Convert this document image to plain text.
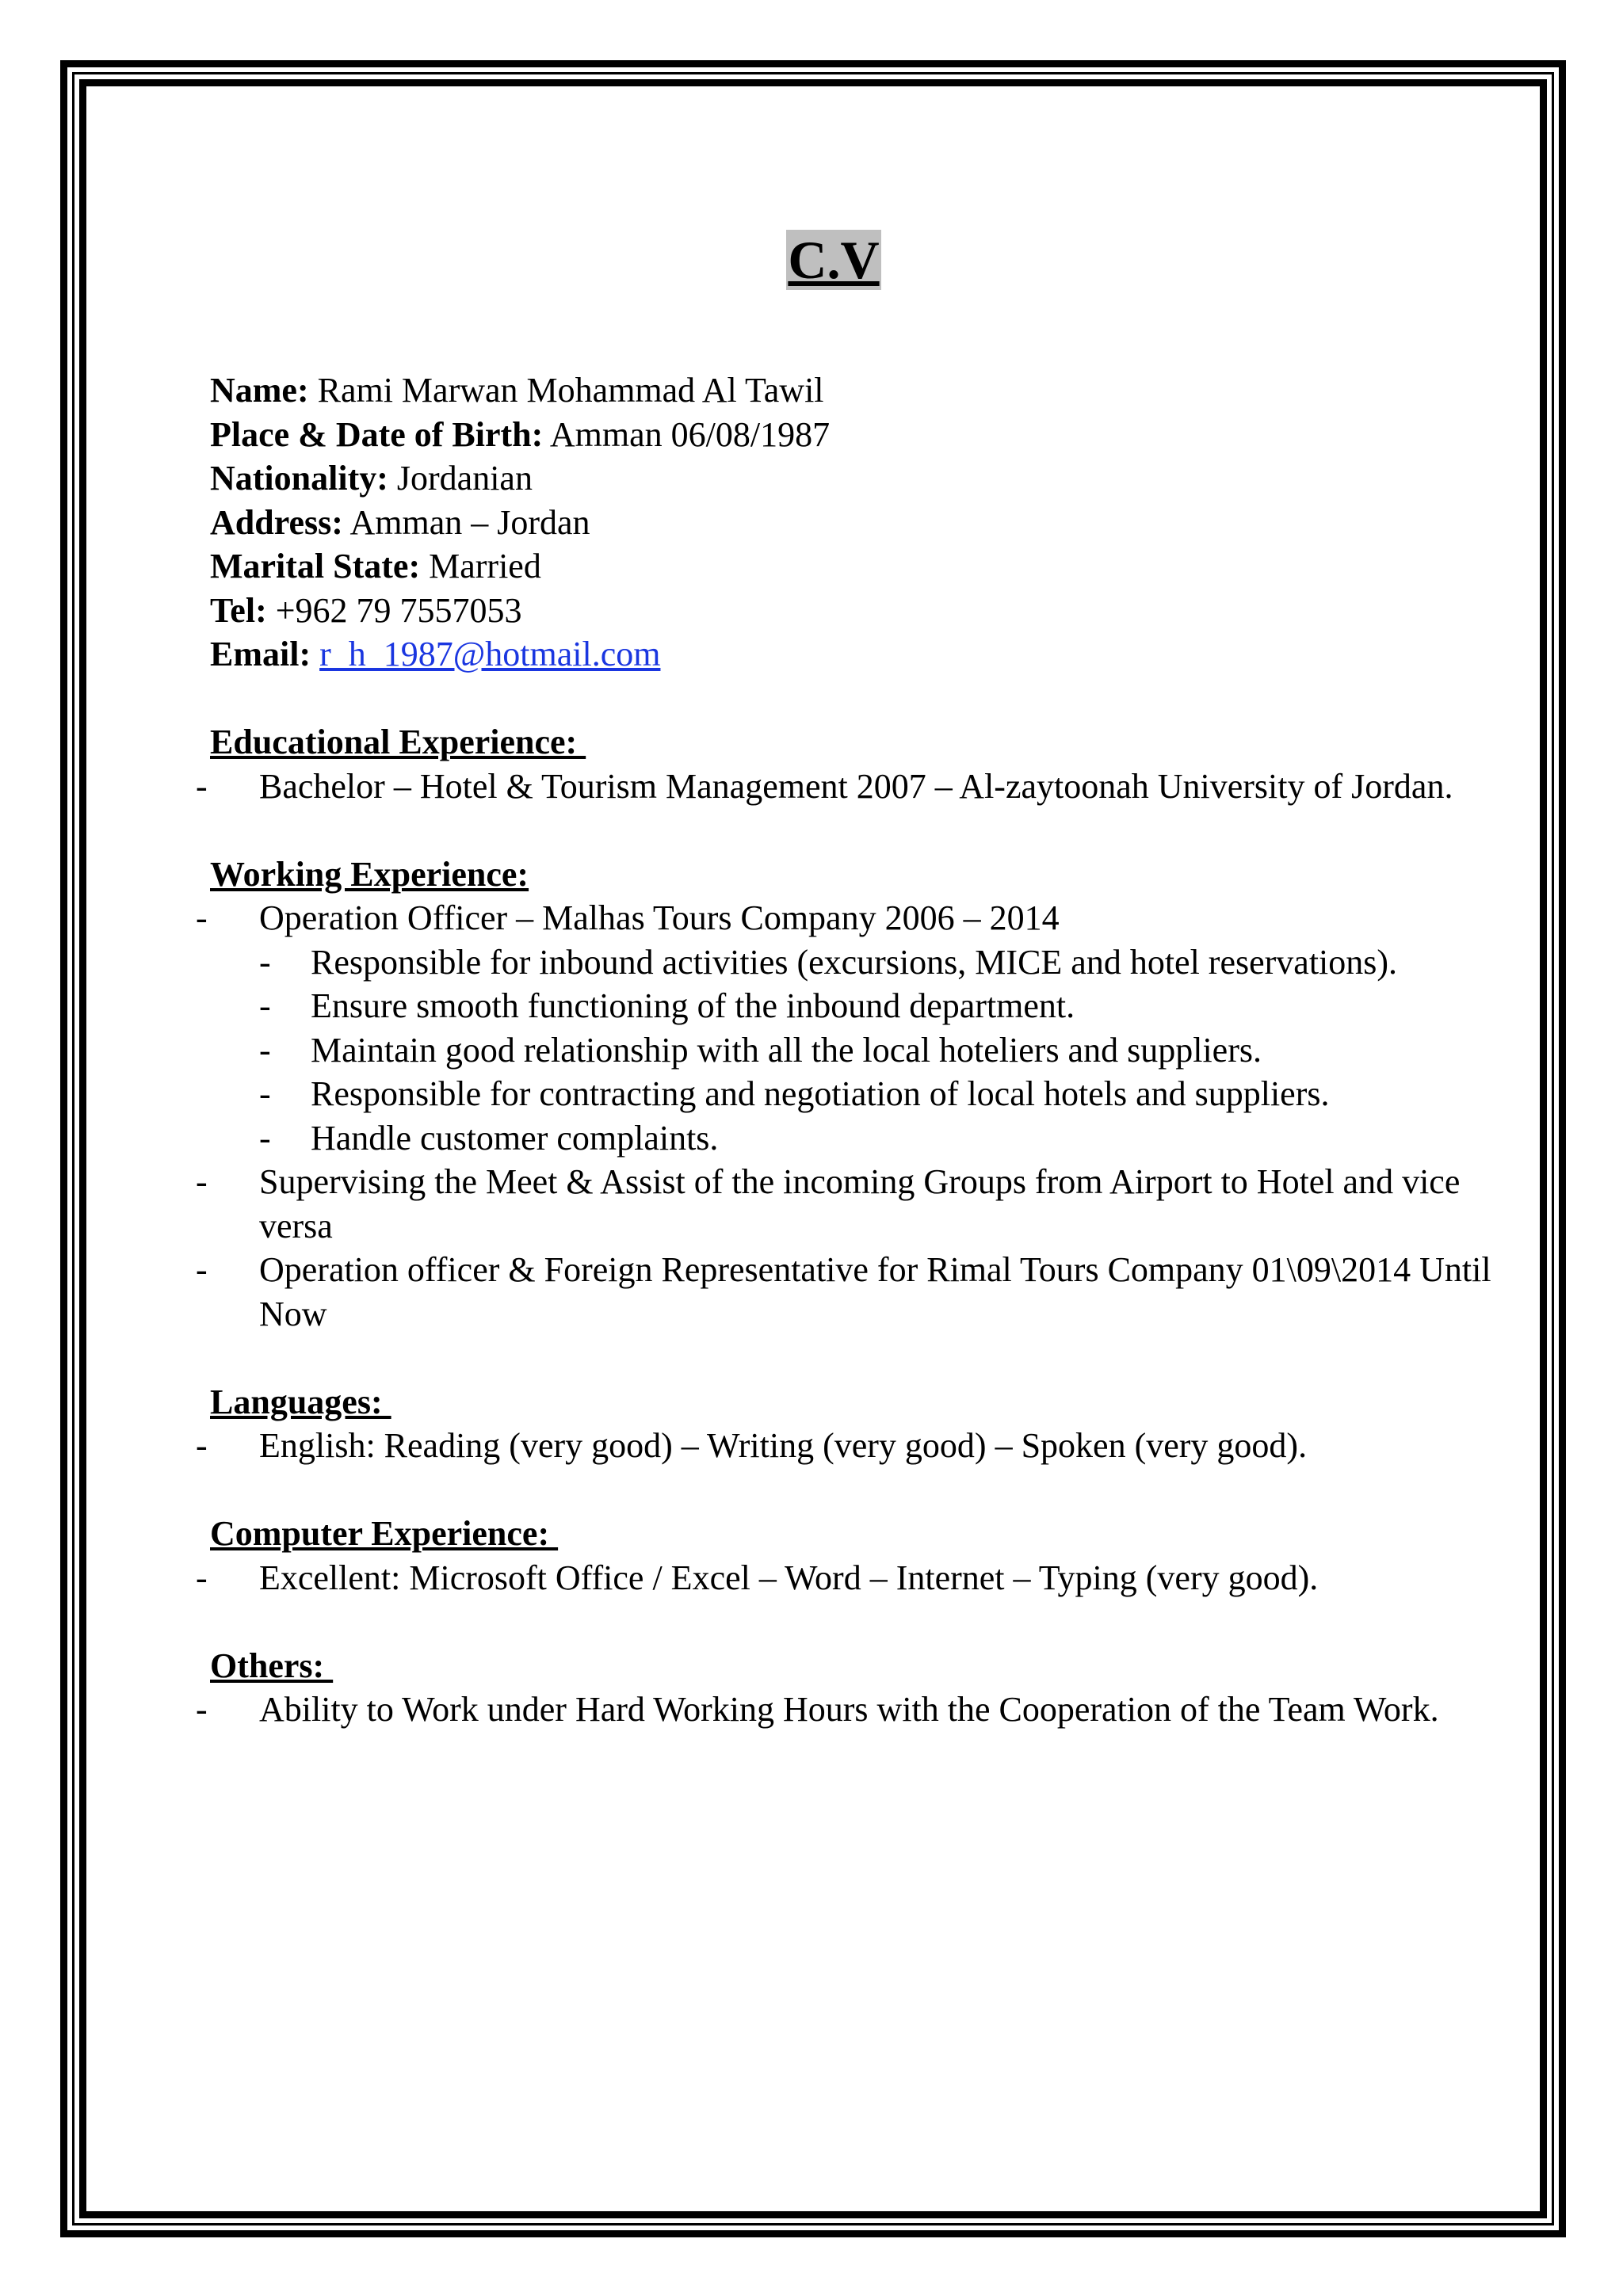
C.V
Name: Rami Marwan Mohammad Al Tawil
Place & Date of Birth: Amman 06/08/1987
Nationality: Jordanian
Address: Amman – Jordan
Marital State: Married
Tel: +962 79 7557053
Email: r_h_1987@hotmail.com
Educational Experience:
- Bachelor – Hotel & Tourism Management 2007 – Al-zaytoonah University of Jordan.
Working Experience:
- Operation Officer – Malhas Tours Company 2006 – 2014
- Responsible for inbound activities (excursions, MICE and hotel reservations).
- Ensure smooth functioning of the inbound department.
- Maintain good relationship with all the local hoteliers and suppliers.
- Responsible for contracting and negotiation of local hotels and suppliers.
- Handle customer complaints.
- Supervising the Meet & Assist of the incoming Groups from Airport to Hotel and vice versa
- Operation officer & Foreign Representative for Rimal Tours Company 01\09\2014 Until Now
Languages:
- English: Reading (very good) – Writing (very good) – Spoken (very good).
Computer Experience:
- Excellent: Microsoft Office / Excel – Word – Internet – Typing (very good).
Others:
- Ability to Work under Hard Working Hours with the Cooperation of the Team Work.
